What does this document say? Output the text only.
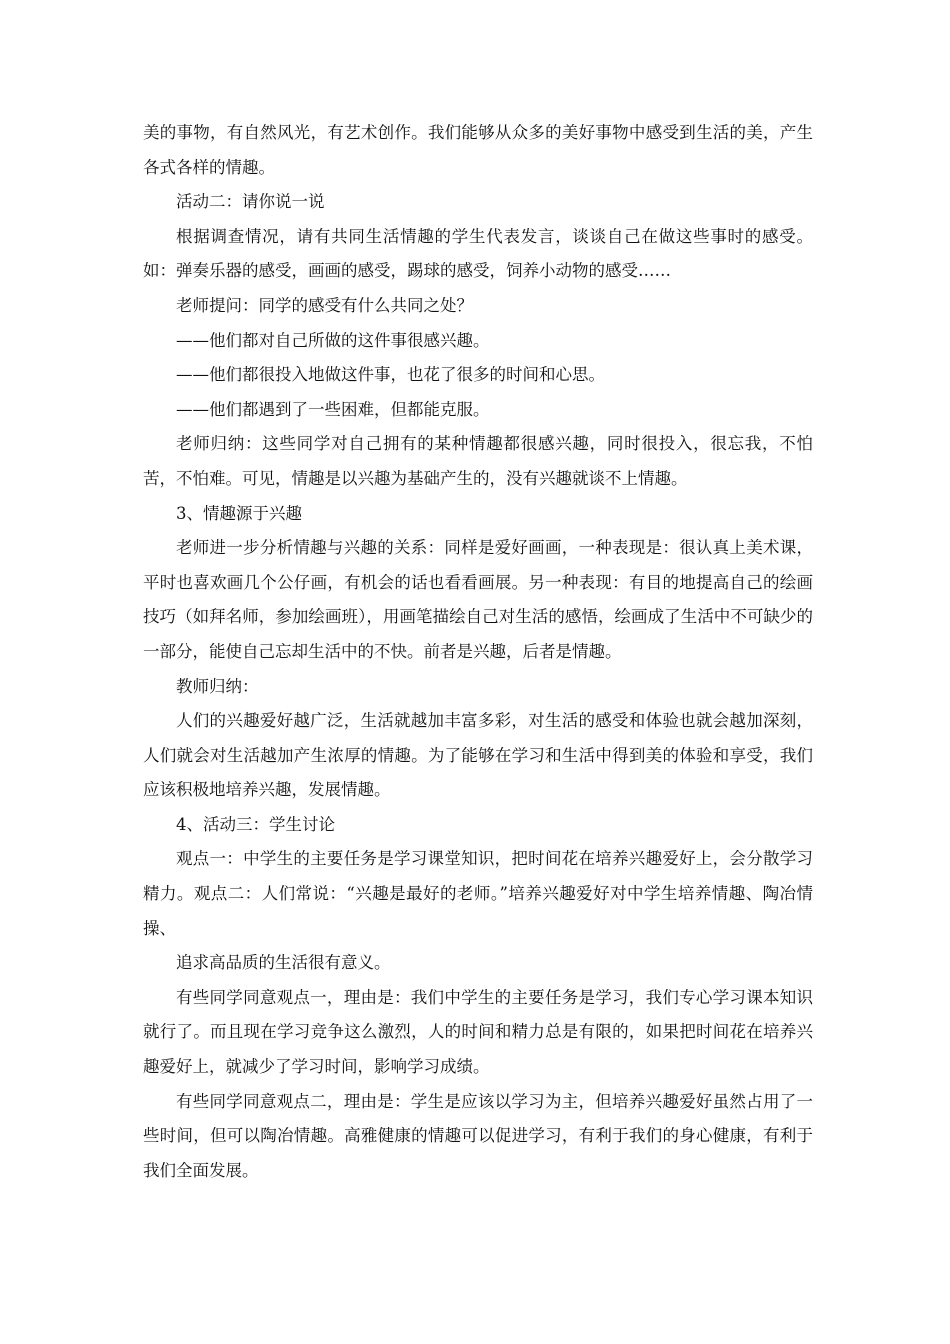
美的事物，有自然风光，有艺术创作。我们能够从众多的美好事物中感受到生活的美，产生各式各样的情趣。

活动二：请你说一说

根据调查情况，请有共同生活情趣的学生代表发言，谈谈自己在做这些事时的感受。如：弹奏乐器的感受，画画的感受，踢球的感受，饲养小动物的感受……

老师提问：同学的感受有什么共同之处？

——他们都对自己所做的这件事很感兴趣。

——他们都很投入地做这件事，也花了很多的时间和心思。

——他们都遇到了一些困难，但都能克服。

老师归纳：这些同学对自己拥有的某种情趣都很感兴趣，同时很投入，很忘我，不怕苦，不怕难。可见，情趣是以兴趣为基础产生的，没有兴趣就谈不上情趣。

3、情趣源于兴趣

老师进一步分析情趣与兴趣的关系：同样是爱好画画，一种表现是：很认真上美术课，平时也喜欢画几个公仔画，有机会的话也看看画展。另一种表现：有目的地提高自己的绘画技巧（如拜名师，参加绘画班），用画笔描绘自己对生活的感悟，绘画成了生活中不可缺少的一部分，能使自己忘却生活中的不快。前者是兴趣，后者是情趣。

教师归纳：

人们的兴趣爱好越广泛，生活就越加丰富多彩，对生活的感受和体验也就会越加深刻，人们就会对生活越加产生浓厚的情趣。为了能够在学习和生活中得到美的体验和享受，我们应该积极地培养兴趣，发展情趣。

4、活动三：学生讨论

观点一：中学生的主要任务是学习课堂知识，把时间花在培养兴趣爱好上，会分散学习精力。观点二：人们常说：“兴趣是最好的老师。”培养兴趣爱好对中学生培养情趣、陶冶情操、

追求高品质的生活很有意义。

有些同学同意观点一，理由是：我们中学生的主要任务是学习，我们专心学习课本知识就行了。而且现在学习竞争这么激烈，人的时间和精力总是有限的，如果把时间花在培养兴趣爱好上，就减少了学习时间，影响学习成绩。

有些同学同意观点二，理由是：学生是应该以学习为主，但培养兴趣爱好虽然占用了一些时间，但可以陶冶情趣。高雅健康的情趣可以促进学习，有利于我们的身心健康，有利于我们全面发展。
